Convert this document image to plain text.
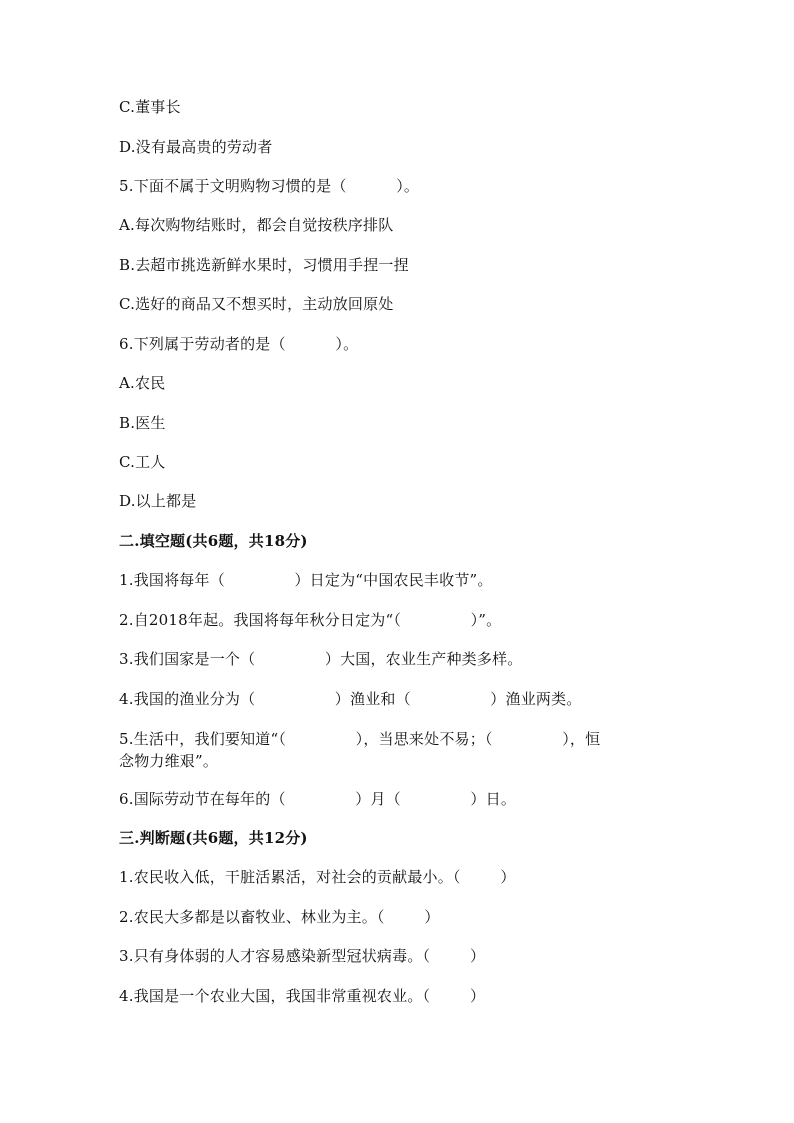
C.董事长
D.没有最高贵的劳动者
5.下面不属于文明购物习惯的是（          ）。
A.每次购物结账时，都会自觉按秩序排队
B.去超市挑选新鲜水果时，习惯用手捏一捏
C.选好的商品又不想买时，主动放回原处
6.下列属于劳动者的是（          ）。
A.农民
B.医生
C.工人
D.以上都是
二.填空题(共6题，共18分)
1.我国将每年（              ）日定为“中国农民丰收节”。
2.自2018年起。我国将每年秋分日定为“（              ）”。
3.我们国家是一个（              ）大国，农业生产种类多样。
4.我国的渔业分为（                ）渔业和（                ）渔业两类。
5.生活中，我们要知道“（              ），当思来处不易；（              ），恒
念物力维艰”。
6.国际劳动节在每年的（              ）月（              ）日。
三.判断题(共6题，共12分)
1.农民收入低，干脏活累活，对社会的贡献最小。（        ）
2.农民大多都是以畜牧业、林业为主。（        ）
3.只有身体弱的人才容易感染新型冠状病毒。（        ）
4.我国是一个农业大国，我国非常重视农业。（        ）
